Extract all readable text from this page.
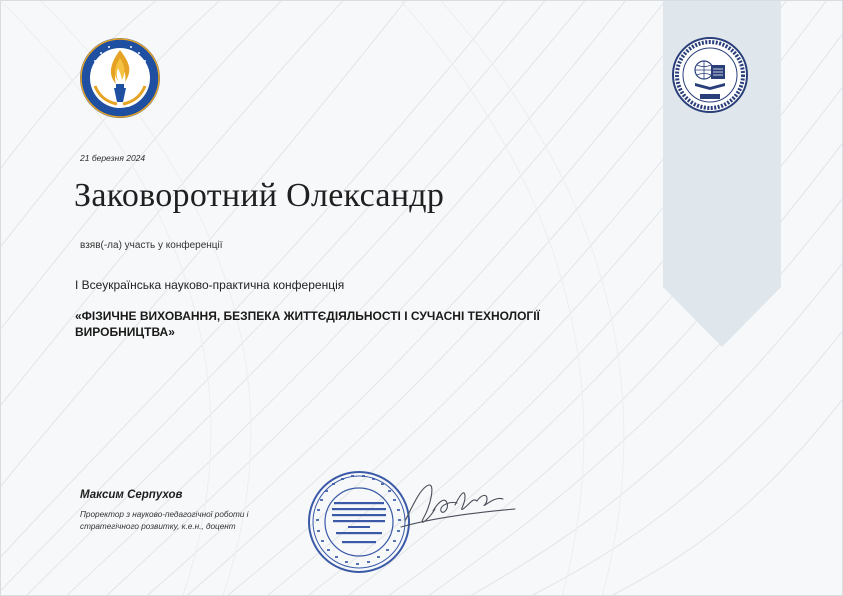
21 березня 2024
Заковоротний Олександр
взяв(-ла) участь у конференції
I Всеукраїнська науково-практична конференція
«ФІЗИЧНЕ ВИХОВАННЯ, БЕЗПЕКА ЖИТТЄДІЯЛЬНОСТІ І СУЧАСНІ ТЕХНОЛОГІЇ ВИРОБНИЦТВА»
Максим Серпухов
Проректор з науково-педагогічної роботи і стратегічного розвитку, к.е.н., доцент
